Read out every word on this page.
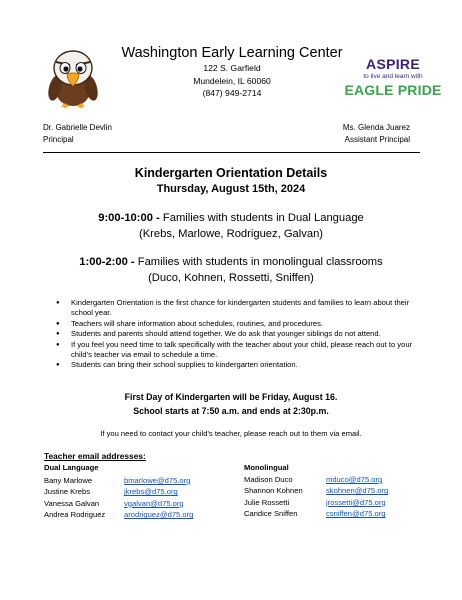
Washington Early Learning Center
122 S. Garfield
Mundelein, IL 60060
(847) 949-2714
ASPIRE
to live and learn with
EAGLE PRIDE
Dr. Gabrielle Devlin
Principal
Ms. Glenda Juarez
Assistant Principal
Kindergarten Orientation Details
Thursday, August 15th, 2024
9:00-10:00 - Families with students in Dual Language
(Krebs, Marlowe, Rodriguez, Galvan)
1:00-2:00 - Families with students in monolingual classrooms
(Duco, Kohnen, Rossetti, Sniffen)
● Kindergarten Orientation is the first chance for kindergarten students and families to learn about their school year.
● Teachers will share information about schedules, routines, and procedures.
● Students and parents should attend together. We do ask that younger siblings do not attend.
● If you feel you need time to talk specifically with the teacher about your child, please reach out to your child's teacher via email to schedule a time.
● Students can bring their school supplies to kindergarten orientation.
First Day of Kindergarten will be Friday, August 16.
School starts at 7:50 a.m. and ends at 2:30p.m.
If you need to contact your child's teacher, please reach out to them via email.
Teacher email addresses:
Dual Language	Monolingual
Bany Marlowe	bmarlowe@d75.org
Justine Krebs	jkrebs@d75.org
Vanessa Galvan	vgalvan@d75.org
Andrea Rodriguez arodriguez@d75.org
Madison Duco	mduco@d75.org
Shannon Kohnen	skohnen@d75.org
Julie Rossetti	jrossetti@d75.org
Candice Sniffen	csniffen@d75.org
